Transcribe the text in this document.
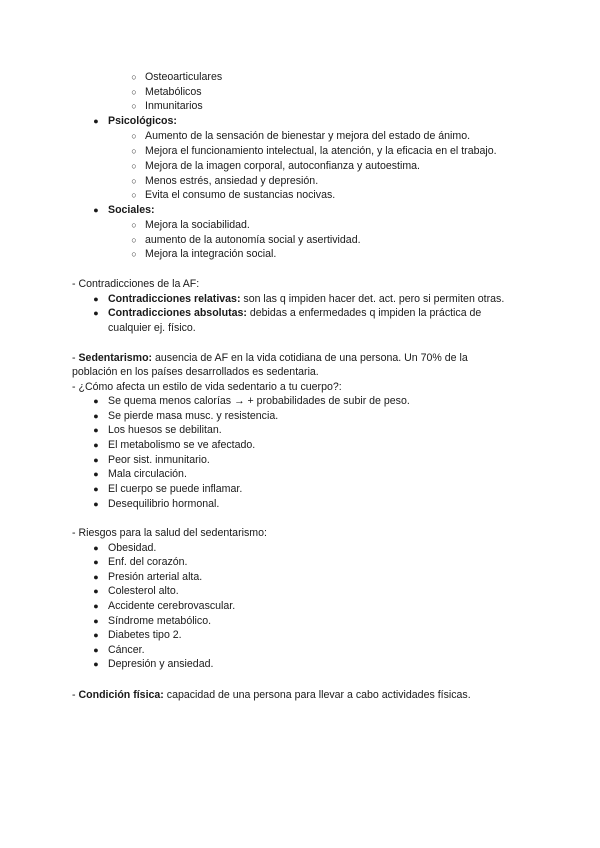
○ Osteoarticulares
○ Metabólicos
○ Inmunitarios
● Psicológicos:
○ Aumento de la sensación de bienestar y mejora del estado de ánimo.
○ Mejora el funcionamiento intelectual, la atención, y la eficacia en el trabajo.
○ Mejora de la imagen corporal, autoconfianza y autoestima.
○ Menos estrés, ansiedad y depresión.
○ Evita el consumo de sustancias nocivas.
● Sociales:
○ Mejora la sociabilidad.
○ aumento de la autonomía social y asertividad.
○ Mejora la integración social.
- Contradicciones de la AF:
● Contradicciones relativas: son las q impiden hacer det. act. pero si permiten otras.
● Contradicciones absolutas: debidas a enfermedades q impiden la práctica de
cualquier ej. físico.
- Sedentarismo: ausencia de AF en la vida cotidiana de una persona. Un 70% de la
población en los países desarrollados es sedentaria.
- ¿Cómo afecta un estilo de vida sedentario a tu cuerpo?:
● Se quema menos calorías → + probabilidades de subir de peso.
● Se pierde masa musc. y resistencia.
● Los huesos se debilitan.
● El metabolismo se ve afectado.
● Peor sist. inmunitario.
● Mala circulación.
● El cuerpo se puede inflamar.
● Desequilibrio hormonal.
- Riesgos para la salud del sedentarismo:
● Obesidad.
● Enf. del corazón.
● Presión arterial alta.
● Colesterol alto.
● Accidente cerebrovascular.
● Síndrome metabólico.
● Diabetes tipo 2.
● Cáncer.
● Depresión y ansiedad.
- Condición física: capacidad de una persona para llevar a cabo actividades físicas.
